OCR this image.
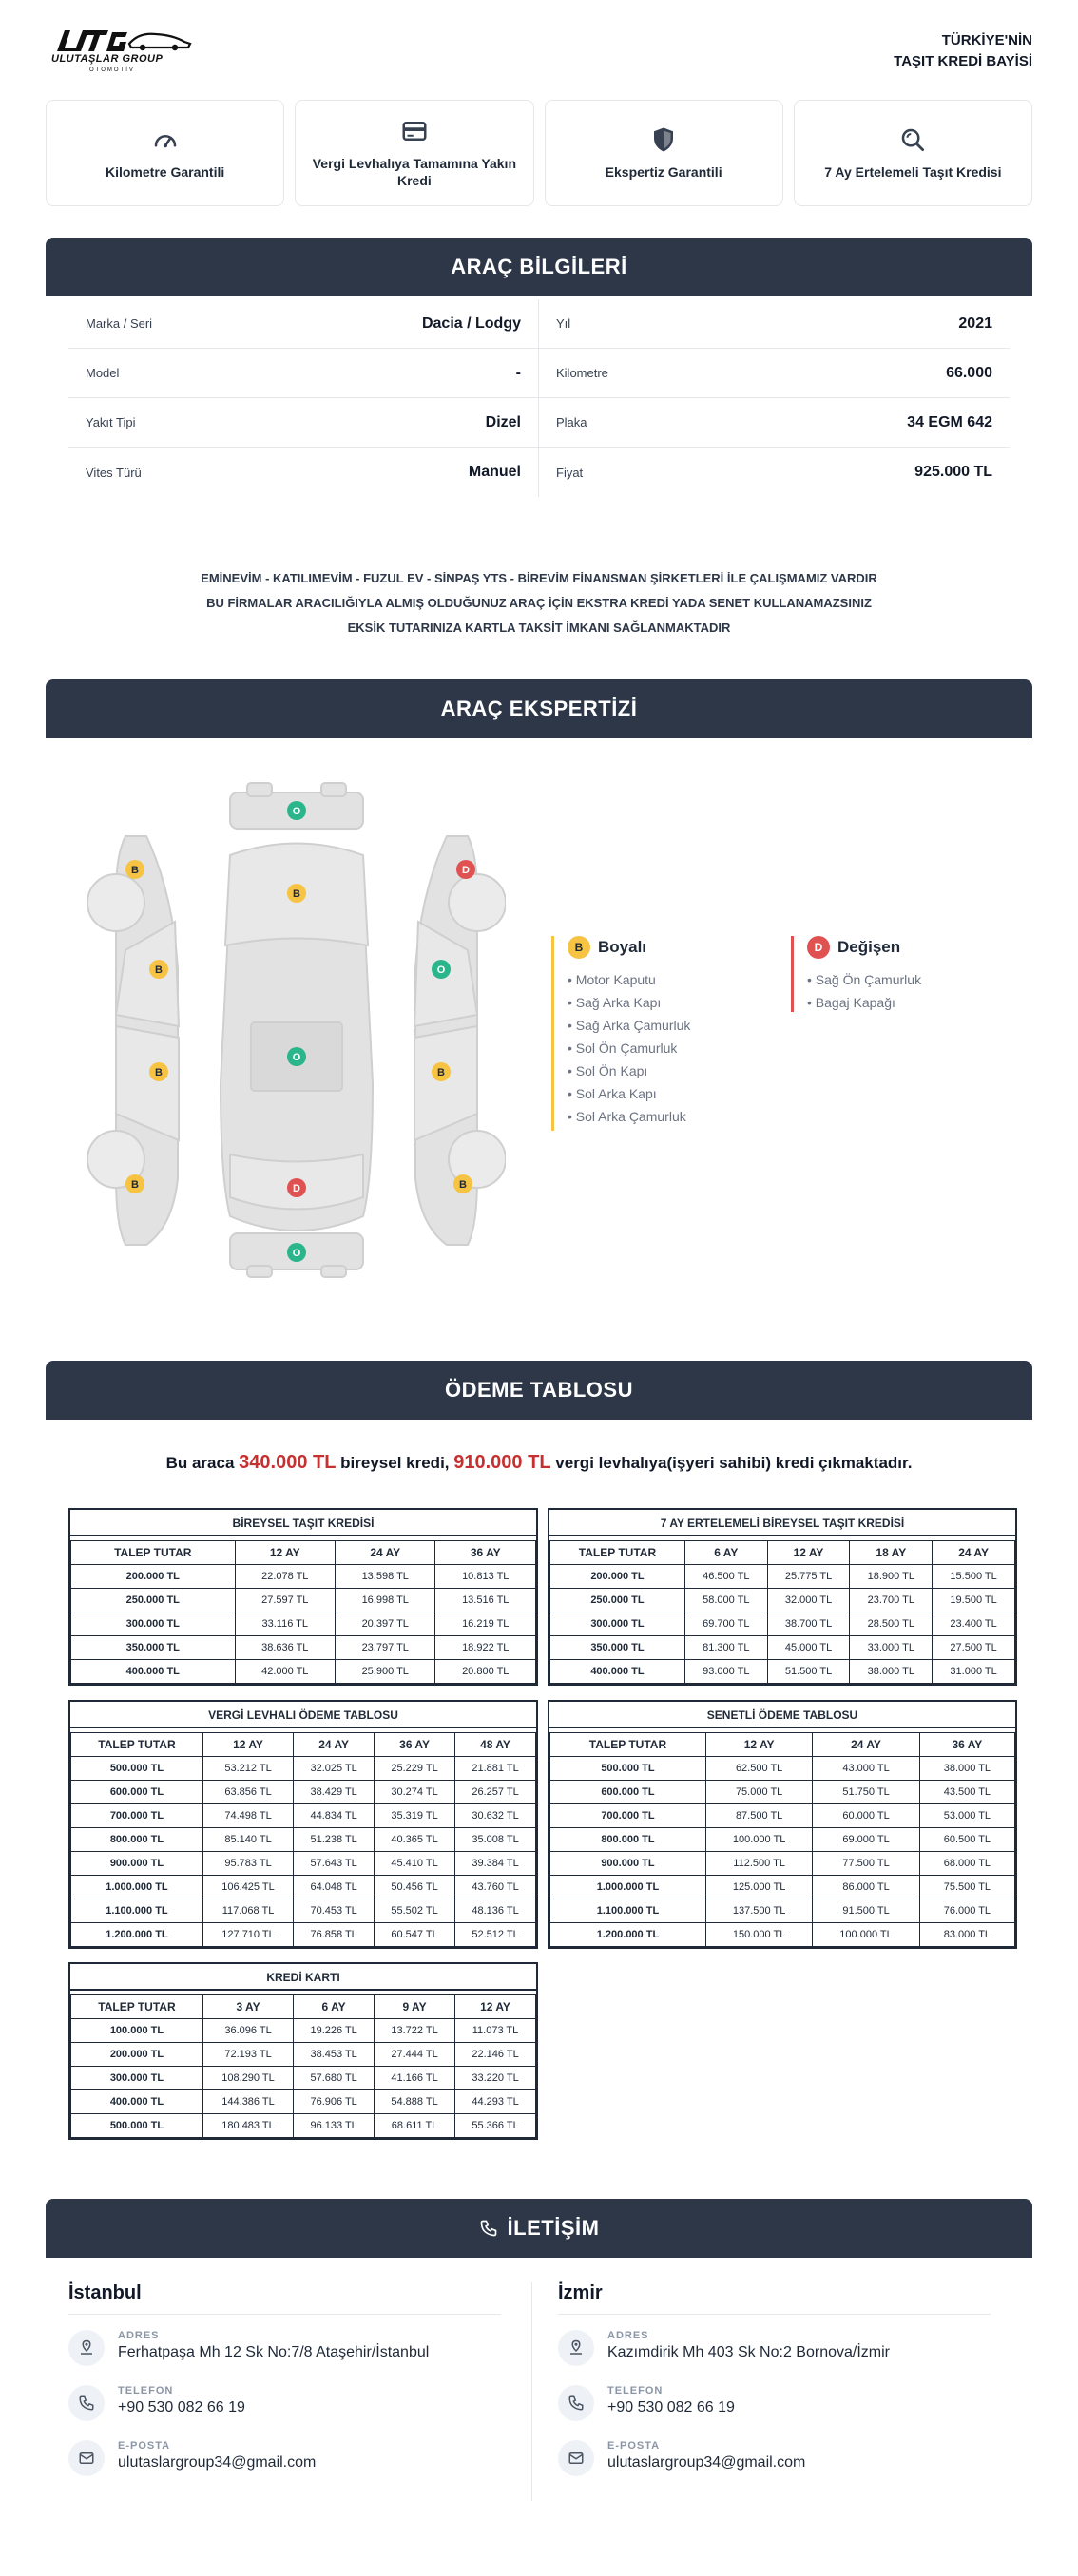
ULUTAŞLAR GROUP
OTOMOTİV
TÜRKİYE'NİN
TAŞIT KREDİ BAYİSİ
Kilometre Garantili
Vergi Levhalıya Tamamına Yakın Kredi
Ekspertiz Garantili	7 Ay Ertelemeli Taşıt Kredisi
ARAÇ BİLGİLERİ
Marka / Seri	Dacia / Lodgy
Model	-
Yakıt Tipi	Dizel
Vites Türü	Manuel
Yıl	2021
Kilometre	66.000
Plaka	34 EGM 642
Fiyat	925.000 TL
EMİNEVİM - KATILIMEVİM - FUZUL EV - SİNPAŞ YTS - BİREVİM FİNANSMAN ŞİRKETLERİ İLE ÇALIŞMAMIZ VARDIR
BU FİRMALAR ARACILIĞIYLA ALMIŞ OLDUĞUNUZ ARAÇ İÇİN EKSTRA KREDİ YADA SENET KULLANAMAZSINIZ
EKSİK TUTARINIZA KARTLA TAKSİT İMKANI SAĞLANMAKTADIR
ARAÇ EKSPERTİZİ
O
B
O
D
O
B
B
B
B
D
O
B
B
B Boyalı
• Motor Kaputu
• Sağ Arka Kapı
• Sağ Arka Çamurluk
• Sol Ön Çamurluk
• Sol Ön Kapı
• Sol Arka Kapı
• Sol Arka Çamurluk
D Değişen
• Sağ Ön Çamurluk
• Bagaj Kapağı
ÖDEME TABLOSU
Bu araca 340.000 TL bireysel kredi, 910.000 TL vergi levhalıya(işyeri sahibi) kredi çıkmaktadır.
BİREYSEL TAŞIT KREDİSİ
TALEP TUTAR	12 AY	24 AY	36 AY
200.000 TL	22.078 TL	13.598 TL	10.813 TL
250.000 TL	27.597 TL	16.998 TL	13.516 TL
300.000 TL	33.116 TL	20.397 TL	16.219 TL
350.000 TL	38.636 TL	23.797 TL	18.922 TL
400.000 TL	42.000 TL	25.900 TL	20.800 TL
7 AY ERTELEMELİ BİREYSEL TAŞIT KREDİSİ
TALEP TUTAR	6 AY	12 AY	18 AY	24 AY
200.000 TL	46.500 TL	25.775 TL	18.900 TL	15.500 TL
250.000 TL	58.000 TL	32.000 TL	23.700 TL	19.500 TL
300.000 TL	69.700 TL	38.700 TL	28.500 TL	23.400 TL
350.000 TL	81.300 TL	45.000 TL	33.000 TL	27.500 TL
400.000 TL	93.000 TL	51.500 TL	38.000 TL	31.000 TL
VERGİ LEVHALI ÖDEME TABLOSU
TALEP TUTAR	12 AY	24 AY	36 AY	48 AY
500.000 TL	53.212 TL	32.025 TL	25.229 TL	21.881 TL
600.000 TL	63.856 TL	38.429 TL	30.274 TL	26.257 TL
700.000 TL	74.498 TL	44.834 TL	35.319 TL	30.632 TL
800.000 TL	85.140 TL	51.238 TL	40.365 TL	35.008 TL
900.000 TL	95.783 TL	57.643 TL	45.410 TL	39.384 TL
1.000.000 TL	106.425 TL	64.048 TL	50.456 TL	43.760 TL
1.100.000 TL	117.068 TL	70.453 TL	55.502 TL	48.136 TL
1.200.000 TL	127.710 TL	76.858 TL	60.547 TL	52.512 TL
SENETLİ ÖDEME TABLOSU
TALEP TUTAR	12 AY	24 AY	36 AY
500.000 TL	62.500 TL	43.000 TL	38.000 TL
600.000 TL	75.000 TL	51.750 TL	43.500 TL
700.000 TL	87.500 TL	60.000 TL	53.000 TL
800.000 TL	100.000 TL	69.000 TL	60.500 TL
900.000 TL	112.500 TL	77.500 TL	68.000 TL
1.000.000 TL	125.000 TL	86.000 TL	75.500 TL
1.100.000 TL	137.500 TL	91.500 TL	76.000 TL
1.200.000 TL	150.000 TL	100.000 TL	83.000 TL
KREDİ KARTI
TALEP TUTAR	3 AY	6 AY	9 AY	12 AY
100.000 TL	36.096 TL	19.226 TL	13.722 TL	11.073 TL
200.000 TL	72.193 TL	38.453 TL	27.444 TL	22.146 TL
300.000 TL	108.290 TL	57.680 TL	41.166 TL	33.220 TL
400.000 TL	144.386 TL	76.906 TL	54.888 TL	44.293 TL
500.000 TL	180.483 TL	96.133 TL	68.611 TL	55.366 TL
İLETİŞİM
İstanbul
ADRES
Ferhatpaşa Mh 12 Sk No:7/8 Ataşehir/İstanbul
TELEFON
+90 530 082 66 19
E-POSTA
ulutaslargroup34@gmail.com
İzmir
ADRES
Kazımdirik Mh 403 Sk No:2 Bornova/İzmir
TELEFON
+90 530 082 66 19
E-POSTA
ulutaslargroup34@gmail.com
